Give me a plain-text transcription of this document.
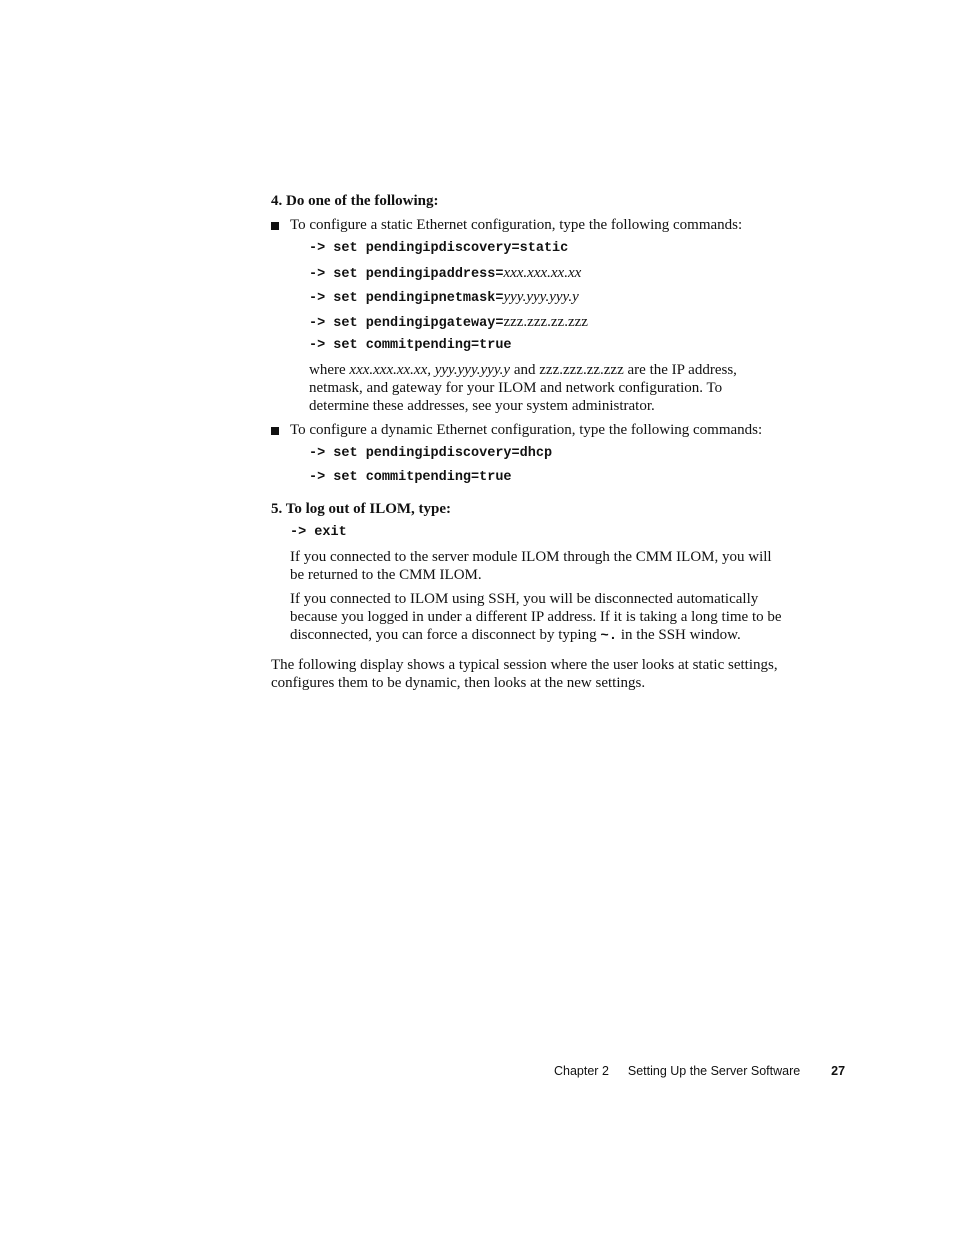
4. Do one of the following:
To configure a static Ethernet configuration, type the following commands:
-> set pendingipdiscovery=static
-> set pendingipaddress=xxx.xxx.xx.xx
-> set pendingipnetmask=yyy.yyy.yyy.y
-> set pendingipgateway=zzz.zzz.zz.zzz
-> set commitpending=true
where xxx.xxx.xx.xx, yyy.yyy.yyy.y and zzz.zzz.zz.zzz are the IP address,
netmask, and gateway for your ILOM and network configuration. To
determine these addresses, see your system administrator.
To configure a dynamic Ethernet configuration, type the following commands:
-> set pendingipdiscovery=dhcp
-> set commitpending=true
5. To log out of ILOM, type:
-> exit
If you connected to the server module ILOM through the CMM ILOM, you will
be returned to the CMM ILOM.
If you connected to ILOM using SSH, you will be disconnected automatically
because you logged in under a different IP address. If it is taking a long time to be
disconnected, you can force a disconnect by typing ~. in the SSH window.
The following display shows a typical session where the user looks at static settings,
configures them to be dynamic, then looks at the new settings.
Chapter 2 Setting Up the Server Software 27
